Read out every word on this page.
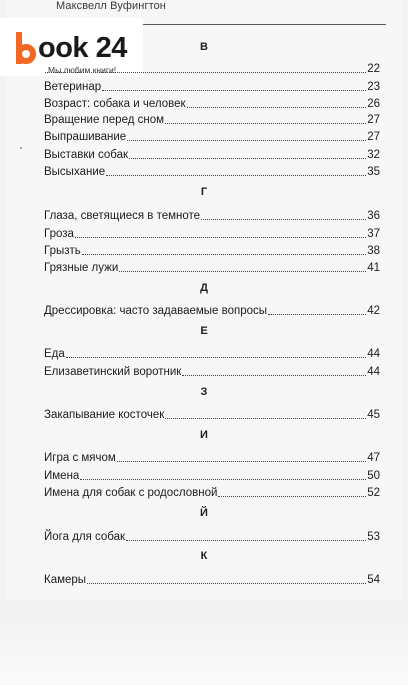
Максвелл Вуфингтон
ook 24
Мы любим книги!
В
22
Ветеринар	23
Возраст: собака и человек	26
Вращение перед сном	27
Выпрашивание	27
Выставки собак	32
Высыхание	35
Г
Глаза, светящиеся в темноте	36
Гроза	37
Грызть	38
Грязные лужи	41
Д
Дрессировка: часто задаваемые вопросы	42
Е
Еда	44
Елизаветинский воротник	44
З
Закапывание косточек	45
И
Игра с мячом	47
Имена	50
Имена для собак с родословной	52
Й
Йога для собак	53
К
Камеры	54
